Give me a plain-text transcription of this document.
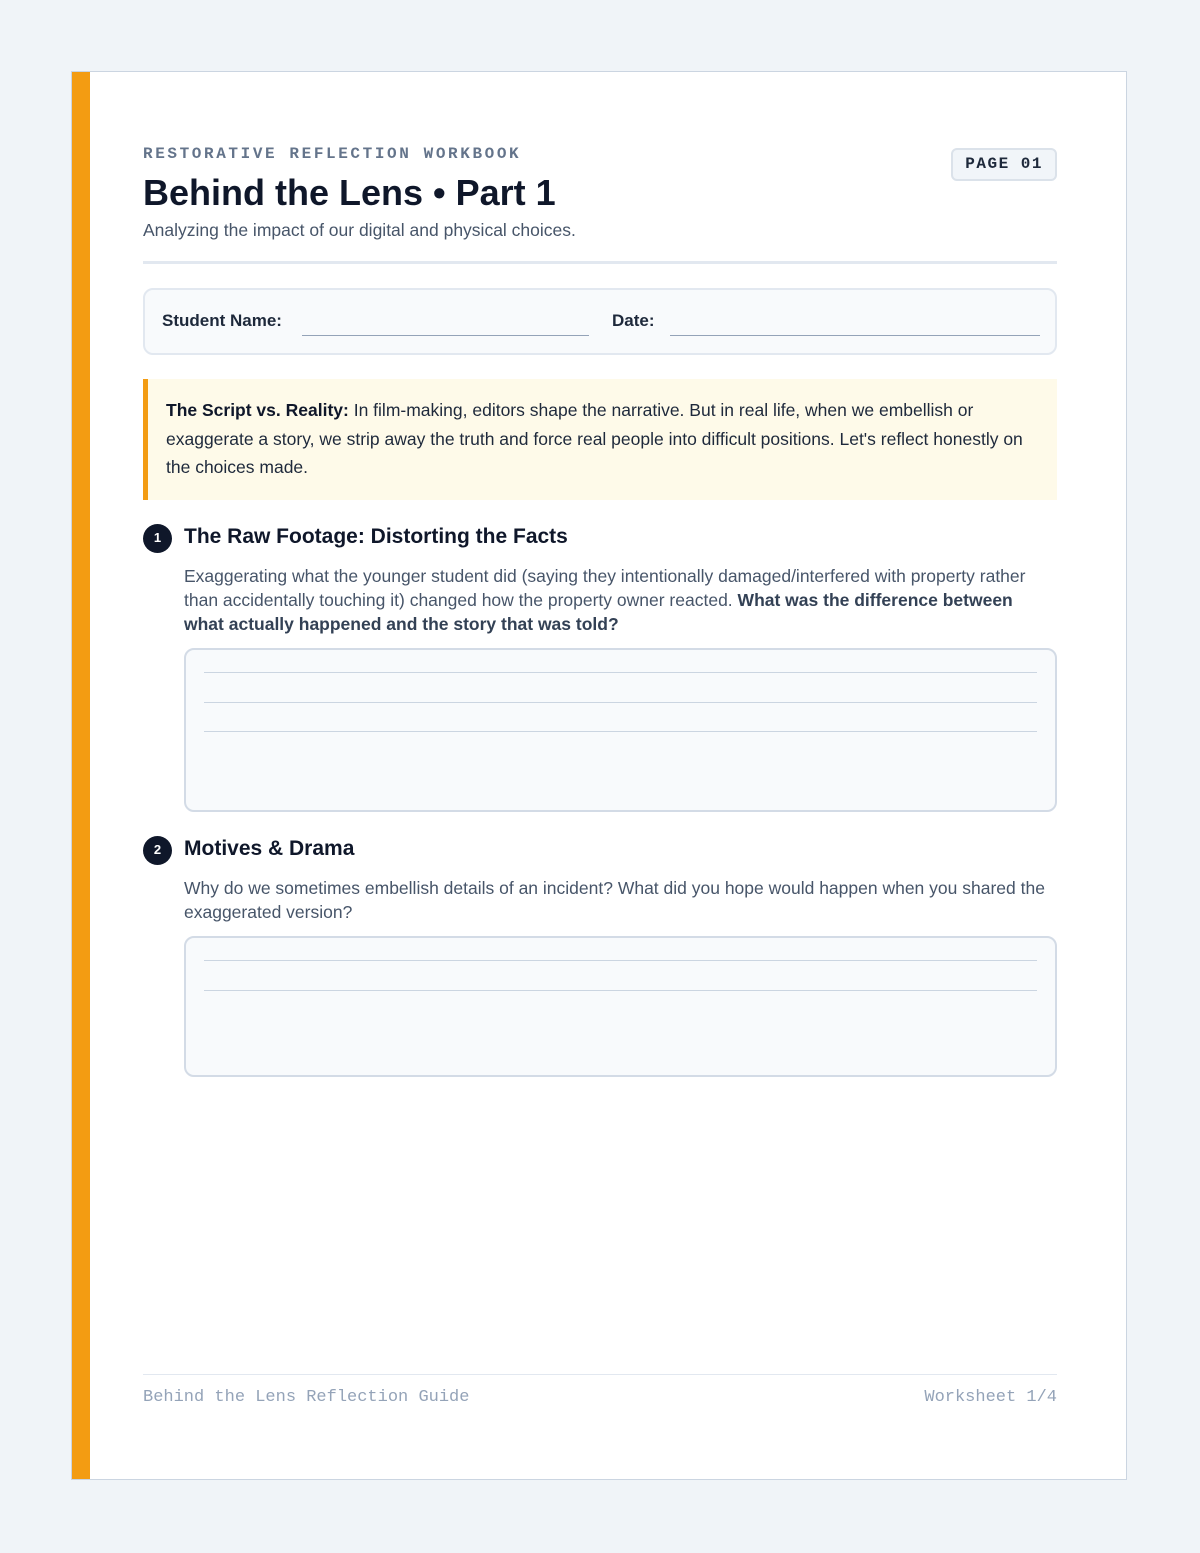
RESTORATIVE REFLECTION WORKBOOK
PAGE 01
Behind the Lens • Part 1

Analyzing the impact of our digital and physical choices.

Student Name:	Date:
The Script vs. Reality: In film-making, editors shape the narrative. But in real life, when we embellish or exaggerate a story, we strip away the truth and force real people into difficult positions. Let's reflect honestly on the choices made.
1	The Raw Footage: Distorting the Facts

Exaggerating what the younger student did (saying they intentionally damaged/interfered with property rather than accidentally touching it) changed how the property owner reacted. What was the difference between what actually happened and the story that was told?

2	Motives & Drama

Why do we sometimes embellish details of an incident? What did you hope would happen when you shared the exaggerated version?

Behind the Lens Reflection Guide	Worksheet 1/4
